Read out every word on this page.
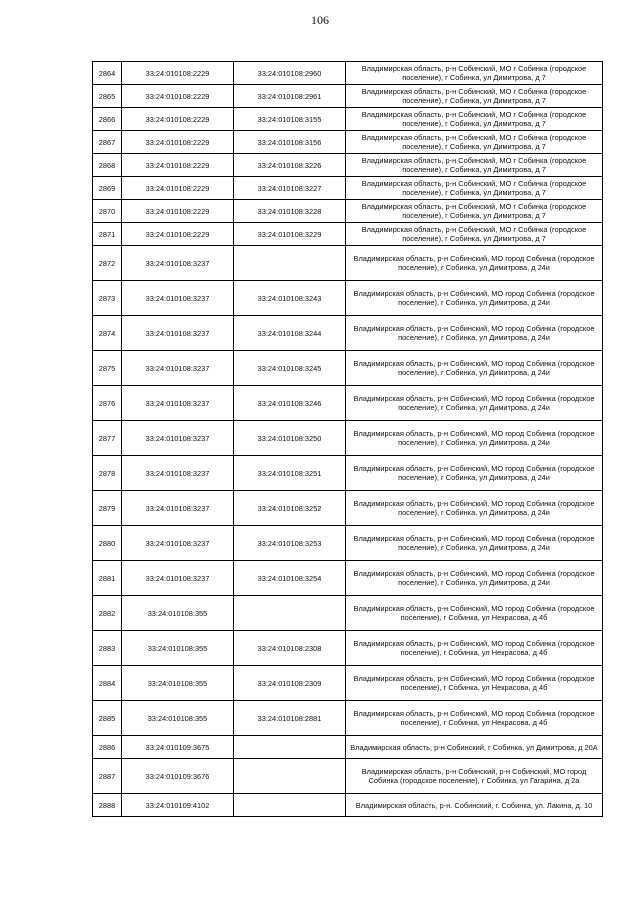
106
2864	33:24:010108:2229	33:24:010108:2960	Владимирская область, р-н Собинский, МО г Собинка (городское поселение), г Собинка, ул Димитрова, д 7
2865	33:24:010108:2229	33:24:010108:2961	Владимирская область, р-н Собинский, МО г Собинка (городское поселение), г Собинка, ул Димитрова, д 7
2866	33:24:010108:2229	33:24:010108:3155	Владимирская область, р-н Собинский, МО г Собинка (городское поселение), г Собинка, ул Димитрова, д 7
2867	33:24:010108:2229	33:24:010108:3156	Владимирская область, р-н Собинский, МО г Собинка (городское поселение), г Собинка, ул Димитрова, д 7
2868	33:24:010108:2229	33:24:010108:3226	Владимирская область, р-н Собинский, МО г Собинка (городское поселение), г Собинка, ул Димитрова, д 7
2869	33:24:010108:2229	33:24:010108:3227	Владимирская область, р-н Собинский, МО г Собинка (городское поселение), г Собинка, ул Димитрова, д 7
2870	33:24:010108:2229	33:24:010108:3228	Владимирская область, р-н Собинский, МО г Собинка (городское поселение), г Собинка, ул Димитрова, д 7
2871	33:24:010108:2229	33:24:010108:3229	Владимирская область, р-н Собинский, МО г Собинка (городское поселение), г Собинка, ул Димитрова, д 7
2872	33:24:010108:3237		Владимирская область, р-н Собинский, МО город Собинка (городское поселение), г Собинка, ул Димитрова, д 24и
2873	33:24:010108:3237	33:24:010108:3243	Владимирская область, р-н Собинский, МО город Собинка (городское поселение), г Собинка, ул Димитрова, д 24и
2874	33:24:010108:3237	33:24:010108:3244	Владимирская область, р-н Собинский, МО город Собинка (городское поселение), г Собинка, ул Димитрова, д 24и
2875	33:24:010108:3237	33:24:010108:3245	Владимирская область, р-н Собинский, МО город Собинка (городское поселение), г Собинка, ул Димитрова, д 24и
2876	33:24:010108:3237	33:24:010108:3246	Владимирская область, р-н Собинский, МО город Собинка (городское поселение), г Собинка, ул Димитрова, д 24и
2877	33:24:010108:3237	33:24:010108:3250	Владимирская область, р-н Собинский, МО город Собинка (городское поселение), г Собинка, ул Димитрова, д 24и
2878	33:24:010108:3237	33:24:010108:3251	Владимирская область, р-н Собинский, МО город Собинка (городское поселение), г Собинка, ул Димитрова, д 24и
2879	33:24:010108:3237	33:24:010108:3252	Владимирская область, р-н Собинский, МО город Собинка (городское поселение), г Собинка, ул Димитрова, д 24и
2880	33:24:010108:3237	33:24:010108:3253	Владимирская область, р-н Собинский, МО город Собинка (городское поселение), г Собинка, ул Димитрова, д 24и
2881	33:24:010108:3237	33:24:010108:3254	Владимирская область, р-н Собинский, МО город Собинка (городское поселение), г Собинка, ул Димитрова, д 24и
2882	33:24:010108:355		Владимирская область, р-н Собинский, МО город Собинка (городское поселение), г Собинка, ул Некрасова, д 4б
2883	33:24:010108:355	33:24:010108:2308	Владимирская область, р-н Собинский, МО город Собинка (городское поселение), г Собинка, ул Некрасова, д 4б
2884	33:24:010108:355	33:24:010108:2309	Владимирская область, р-н Собинский, МО город Собинка (городское поселение), г Собинка, ул Некрасова, д 4б
2885	33:24:010108:355	33:24:010108:2881	Владимирская область, р-н Собинский, МО город Собинка (городское поселение), г Собинка, ул Некрасова, д 4б
2886	33:24:010109:3675		Владимирская область, р-н Собинский, г Собинка, ул Димитрова, д 20А
2887	33:24:010109:3676		Владимирская область, р-н Собинский, р-н Собинский, МО город Собинка (городское поселение), г Собинка, ул Гагарина, д 2а
2888	33:24:010109:4102		Владимирская область, р-н. Собинский, г. Собинка, ул. Лакина, д. 10
